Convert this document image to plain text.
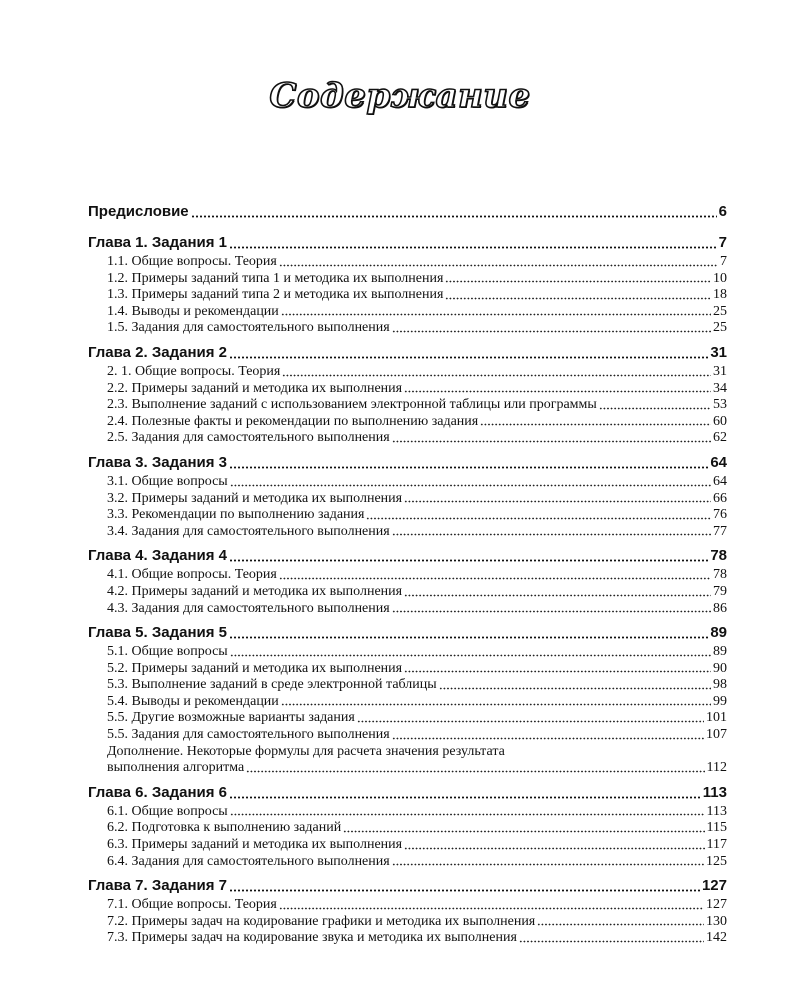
Содержание
Предисловие	6
Глава 1. Задания 1	7
1.1. Общие вопросы. Теория	7
1.2. Примеры заданий типа 1 и методика их выполнения	10
1.3. Примеры заданий типа 2 и методика их выполнения	18
1.4. Выводы и рекомендации	25
1.5. Задания для самостоятельного выполнения	25
Глава 2. Задания 2	31
2. 1. Общие вопросы. Теория	31
2.2. Примеры заданий и методика их выполнения	34
2.3. Выполнение заданий с использованием электронной таблицы или программы	53
2.4. Полезные факты и рекомендации по выполнению задания	60
2.5. Задания для самостоятельного выполнения	62
Глава 3. Задания 3	64
3.1. Общие вопросы	64
3.2. Примеры заданий и методика их выполнения	66
3.3. Рекомендации по выполнению задания	76
3.4. Задания для самостоятельного выполнения	77
Глава 4. Задания 4	78
4.1. Общие вопросы. Теория	78
4.2. Примеры заданий и методика их выполнения	79
4.3. Задания для самостоятельного выполнения	86
Глава 5. Задания 5	89
5.1. Общие вопросы	89
5.2. Примеры заданий и методика их выполнения	90
5.3. Выполнение заданий в среде электронной таблицы	98
5.4. Выводы и рекомендации	99
5.5. Другие возможные варианты задания	101
5.5. Задания для самостоятельного выполнения	107
Дополнение. Некоторые формулы для расчета значения результата
выполнения алгоритма	112
Глава 6. Задания 6	113
6.1. Общие вопросы	113
6.2. Подготовка к выполнению заданий	115
6.3. Примеры заданий и методика их выполнения	117
6.4. Задания для самостоятельного выполнения	125
Глава 7. Задания 7	127
7.1. Общие вопросы. Теория	127
7.2. Примеры задач на кодирование графики и методика их выполнения	130
7.3. Примеры задач на кодирование звука и методика их выполнения	142
